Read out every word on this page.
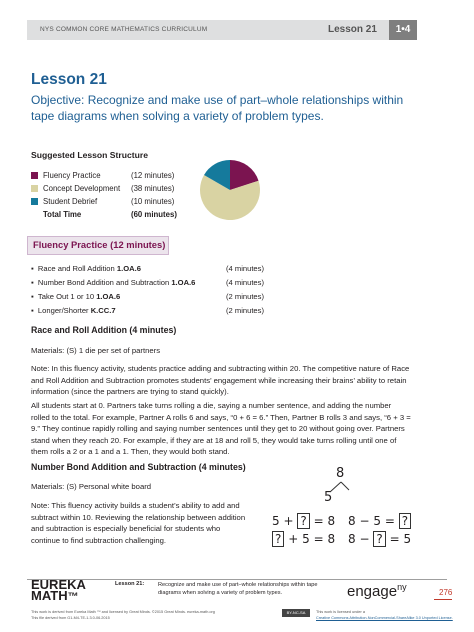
NYS COMMON CORE MATHEMATICS CURRICULUM	Lesson 21	1•4
Lesson 21
Objective: Recognize and make use of part–whole relationships within tape diagrams when solving a variety of problem types.
Suggested Lesson Structure
Fluency Practice	(12 minutes)
Concept Development (38 minutes)
Student Debrief	(10 minutes)
Total Time	(60 minutes)
Fluency Practice (12 minutes)
▪  Race and Roll Addition 1.OA.6	(4 minutes)
▪  Number Bond Addition and Subtraction 1.OA.6	(4 minutes)
▪  Take Out 1 or 10 1.OA.6	(2 minutes)
▪  Longer/Shorter K.CC.7	(2 minutes)
Race and Roll Addition (4 minutes)
Materials: (S) 1 die per set of partners
Note: In this fluency activity, students practice adding and subtracting within 20. The competitive nature of Race and Roll Addition and Subtraction promotes students’ engagement while increasing their brains’ ability to retain information (since the partners are trying to stand quickly).
All students start at 0. Partners take turns rolling a die, saying a number sentence, and adding the number rolled to the total. For example, Partner A rolls 6 and says, “0 + 6 = 6.” Then, Partner B rolls 3 and says, “6 + 3 = 9.” They continue rapidly rolling and saying number sentences until they get to 20 without going over. Partners stand when they reach 20. For example, if they are at 18 and roll 5, they would take turns rolling until one of them rolls a 2 or a 1 and a 1. Then, they would both stand.
Number Bond Addition and Subtraction (4 minutes)
Materials: (S) Personal white board
Note: This fluency activity builds a student’s ability to add and subtract within 10. Reviewing the relationship between addition and subtraction is especially beneficial for students who continue to find subtraction challenging.
8
5
5 + ? = 8 8 − 5 = ?
? + 5 = 8 8 − ? = 5
EUREKA
MATH™
Lesson 21: Recognize and make use of part–whole relationships within tape diagrams when solving a variety of problem types.	engage$^{ny}$
276
This work is derived from Eureka Math ™ and licensed by Great Minds. ©2015 Great Minds. eureka-math.org
This file derived from G1-M4-TE-1.3.0-06.2015
BY-NC-SA	This work is licensed under a
Creative Commons Attribution-NonCommercial-ShareAlike 3.0 Unported License.
